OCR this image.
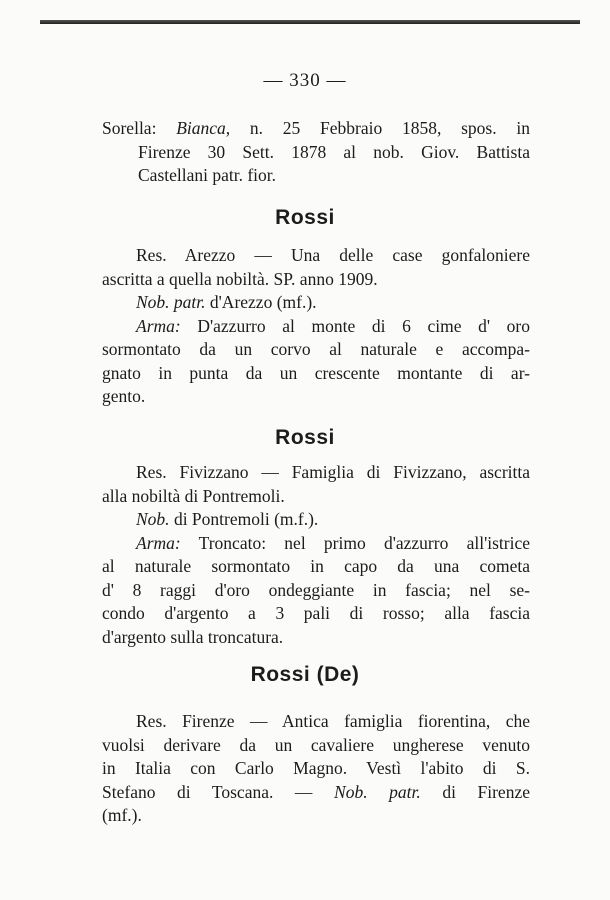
— 330 —
Sorella: Bianca, n. 25 Febbraio 1858, spos. in
Firenze 30 Sett. 1878 al nob. Giov. Battista
Castellani patr. fior.
Rossi
Res. Arezzo — Una delle case gonfaloniere
ascritta a quella nobiltà. SP. anno 1909.
Nob. patr. d'Arezzo (mf.).
Arma: D'azzurro al monte di 6 cime d' oro
sormontato da un corvo al naturale e accompa-
gnato in punta da un crescente montante di ar-
gento.
Rossi
Res. Fivizzano — Famiglia di Fivizzano, ascritta
alla nobiltà di Pontremoli.
Nob. di Pontremoli (m.f.).
Arma: Troncato: nel primo d'azzurro all'istrice
al naturale sormontato in capo da una cometa
d' 8 raggi d'oro ondeggiante in fascia; nel se-
condo d'argento a 3 pali di rosso; alla fascia
d'argento sulla troncatura.
Rossi (De)
Res. Firenze — Antica famiglia fiorentina, che
vuolsi derivare da un cavaliere ungherese venuto
in Italia con Carlo Magno. Vestì l'abito di S.
Stefano di Toscana. — Nob. patr. di Firenze
(mf.).
